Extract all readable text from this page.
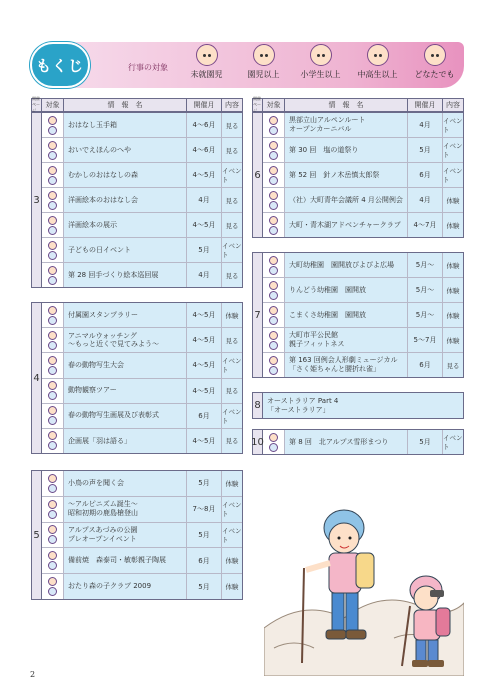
もくじ	行事の対象
未就園児	園児以上	小学生以上 中高生以上 どなたでも
開催ページ
対象	情　報　名	開催月	内容
開催ページ
対象	情　報　名	開催月	内容
3
おはなし玉手箱	4〜6月	見る
おいでえほんのへや	4〜6月	見る
むかしのおはなしの森	4〜5月	イベント
洋画絵本のおはなし会	4月	見る
洋画絵本の展示	4〜5月	見る
子どもの日イベント	5月	イベント
第 28 回手づくり絵本巡回展	4月	見る
4
付属園スタンプラリー	4〜5月	体験
アニマルウォッチング
〜もっと近くで見てみよう〜	4〜5月	見る
春の動物写生大会	4〜5月	イベント
動物観察ツアー	4〜5月	見る
春の動物写生画展及び表彰式	6月	イベント
企画展「羽は語る」	4〜5月	見る
5
小鳥の声を聞く会	5月	体験
〜アルピニズム誕生〜
昭和初期の鹿島槍登山	7〜8月	イベント
アルプスあづみの公園
プレオープンイベント	5月	イベント
備前焼　森泰司・敏彰親子陶展	6月	体験
おたり森の子クラブ 2009	5月	体験
6
黒部立山アルペンルート
オープンカーニバル	4月	イベント
第 30 回　塩の道祭り	5月	イベント
第 52 回　針ノ木岳慎太郎祭	6月	イベント
（社）大町青年会議所 4 月公開例会	4月	体験
大町・青木湖アドベンチャークラブ	4〜7月	体験
7
大町幼稚園　園開放ぴよぴよ広場	5月〜	体験
りんどう幼稚園　園開放	5月〜	体験
こまくさ幼稚園　園開放	5月〜	体験
大町市平公民館
親子フィットネス	5〜7月	体験
第 163 回例会人形劇ミュージカル
「さく姫ちゃんと腰折れ雀」	6月	見る
8 オーストラリア Part 4
「オーストラリア」
10	第 8 回　北アルプス雪形まつり	5月	イベント
2
